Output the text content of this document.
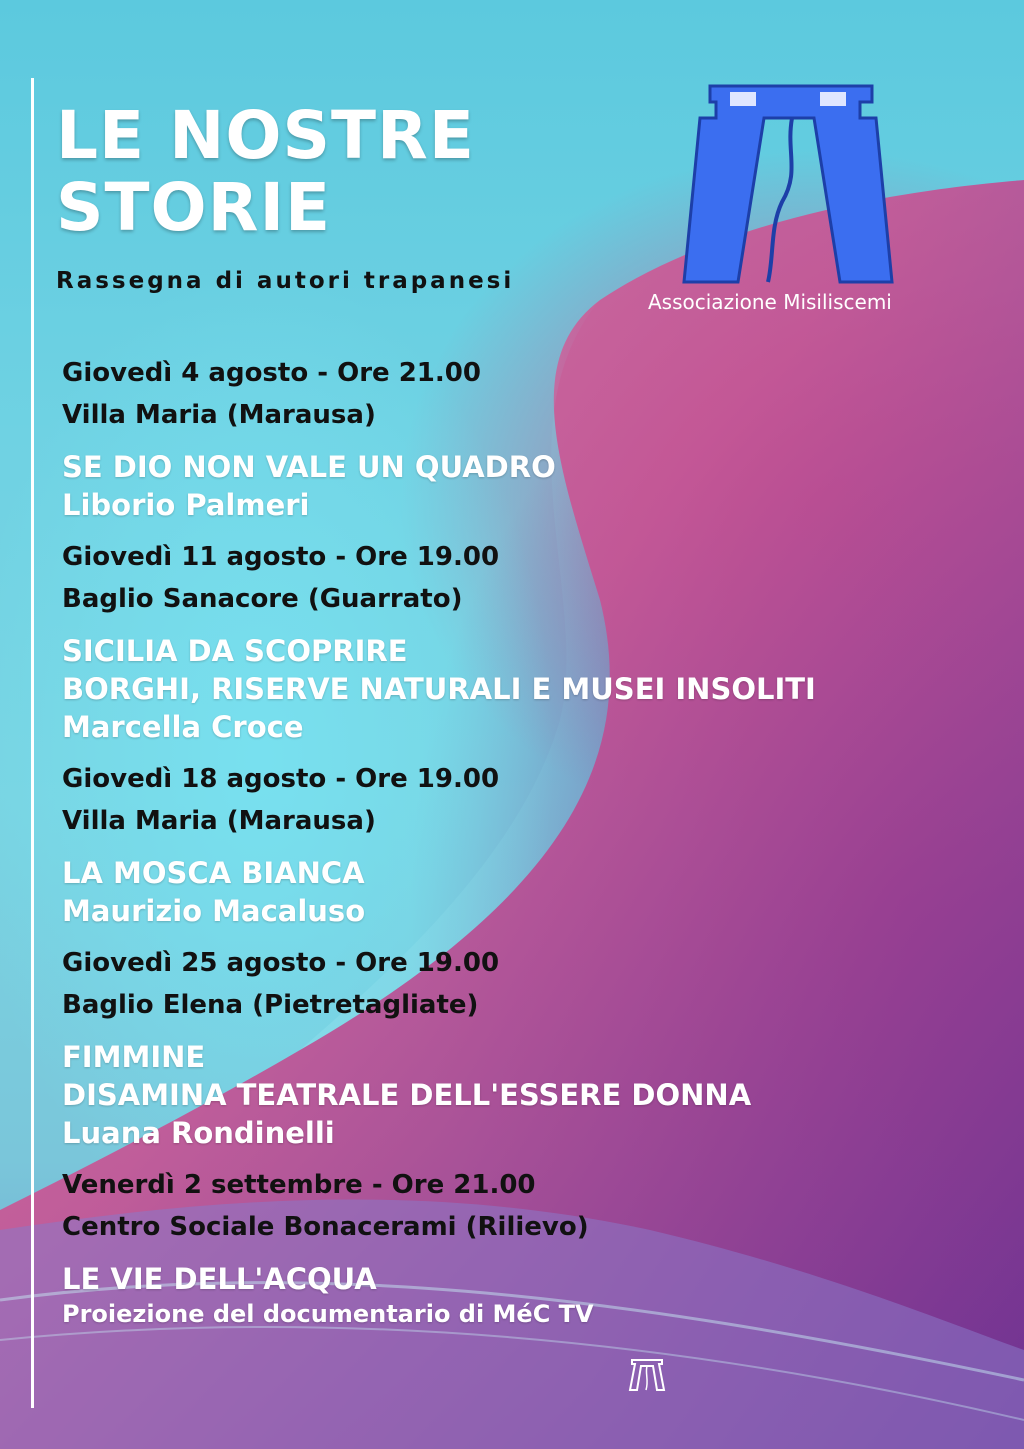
LE NOSTRE
STORIE

Rassegna di autori trapanesi

Associazione Misiliscemi
Giovedì 4 agosto - Ore 21.00
Villa Maria (Marausa)
SE DIO NON VALE UN QUADRO
Liborio Palmeri
Giovedì 11 agosto - Ore 19.00
Baglio Sanacore (Guarrato)
SICILIA DA SCOPRIRE
BORGHI, RISERVE NATURALI E MUSEI INSOLITI
Marcella Croce
Giovedì 18 agosto - Ore 19.00
Villa Maria (Marausa)
LA MOSCA BIANCA
Maurizio Macaluso
Giovedì 25 agosto - Ore 19.00
Baglio Elena (Pietretagliate)
FIMMINE
DISAMINA TEATRALE DELL'ESSERE DONNA
Luana Rondinelli
Venerdì 2 settembre - Ore 21.00
Centro Sociale Bonacerami (Rilievo)
LE VIE DELL'ACQUA
Proiezione del documentario di MéC TV
